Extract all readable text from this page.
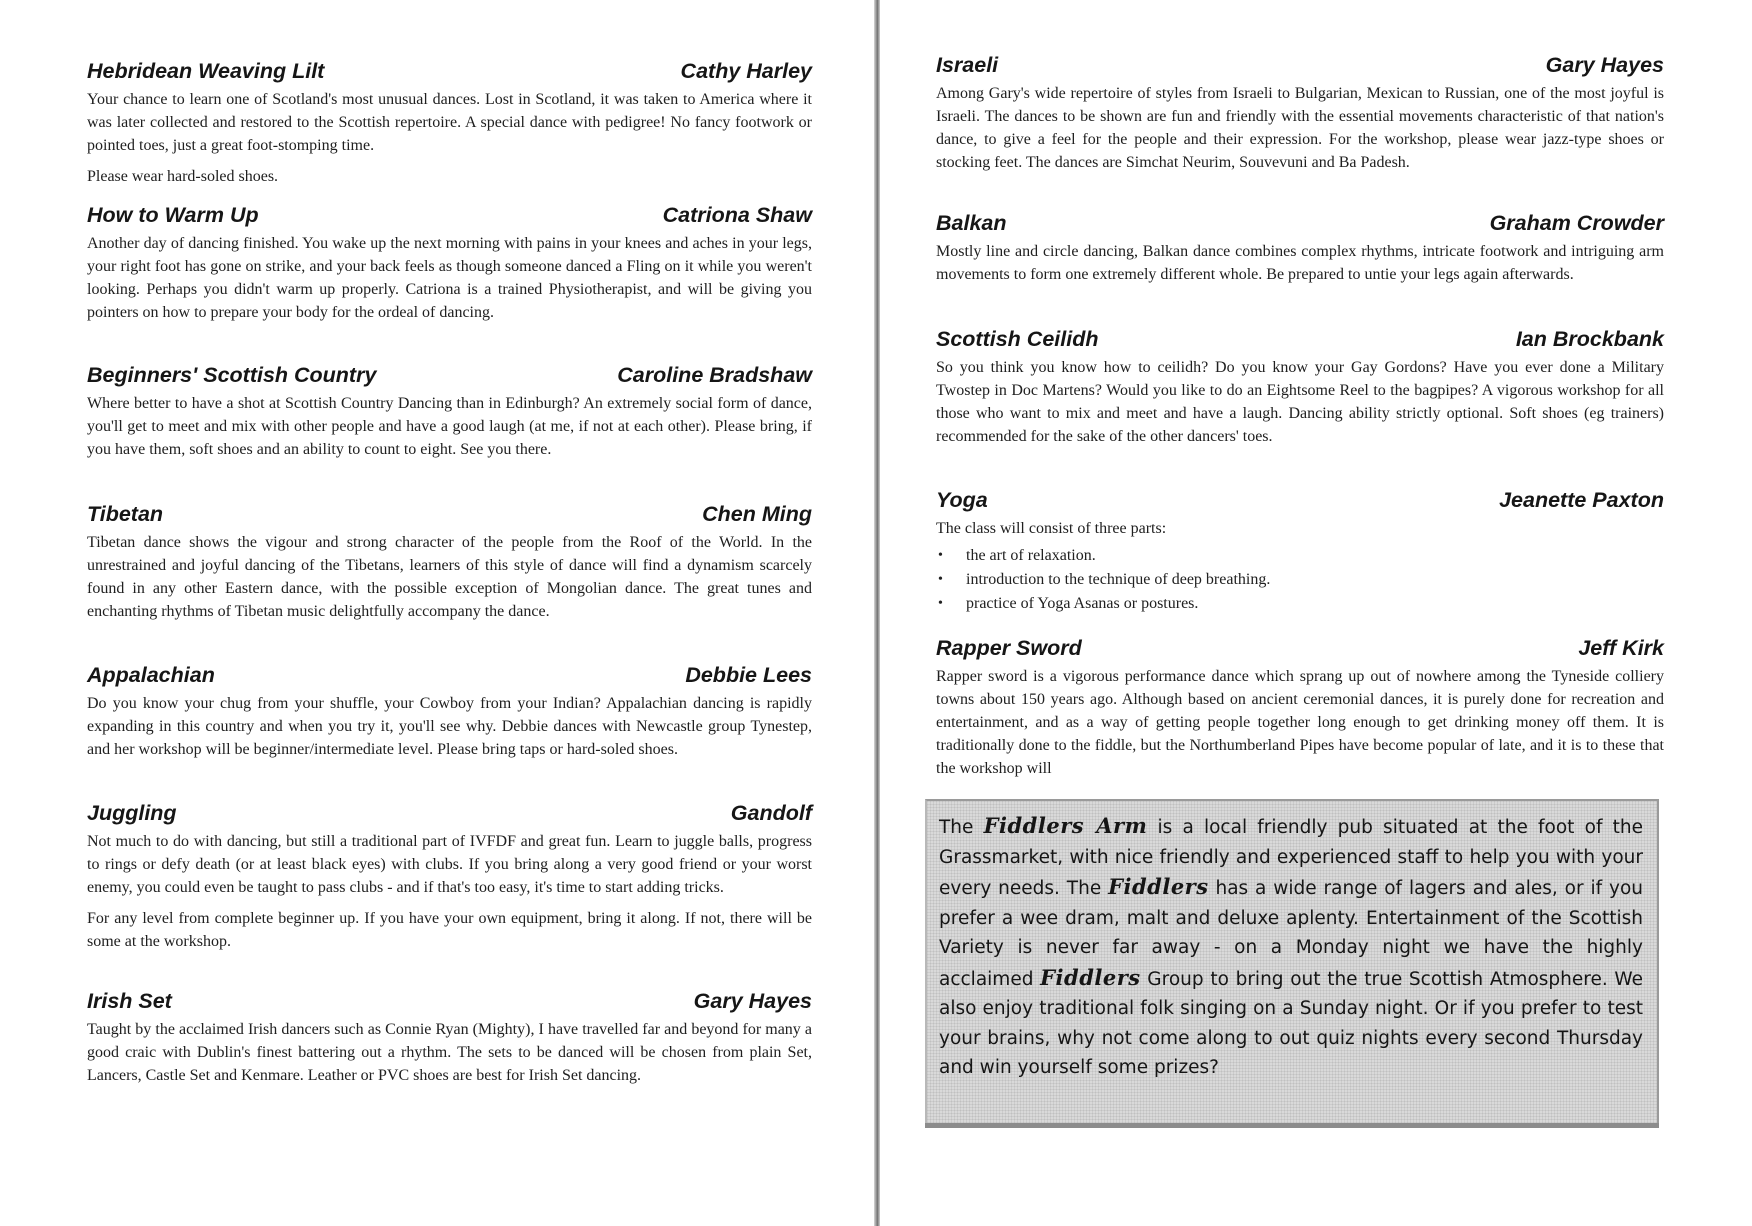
Hebridean Weaving Lilt	Cathy Harley

Your chance to learn one of Scotland's most unusual dances. Lost in Scotland, it was taken to America where it was later collected and restored to the Scottish repertoire. A special dance with pedigree! No fancy footwork or pointed toes, just a great foot-stomping time.

Please wear hard-soled shoes.

How to Warm Up	Catriona Shaw

Another day of dancing finished. You wake up the next morning with pains in your knees and aches in your legs, your right foot has gone on strike, and your back feels as though someone danced a Fling on it while you weren't looking. Perhaps you didn't warm up properly. Catriona is a trained Physiotherapist, and will be giving you pointers on how to prepare your body for the ordeal of dancing.

Beginners' Scottish Country	Caroline Bradshaw

Where better to have a shot at Scottish Country Dancing than in Edinburgh? An extremely social form of dance, you'll get to meet and mix with other people and have a good laugh (at me, if not at each other). Please bring, if you have them, soft shoes and an ability to count to eight. See you there.

Tibetan	Chen Ming

Tibetan dance shows the vigour and strong character of the people from the Roof of the World. In the unrestrained and joyful dancing of the Tibetans, learners of this style of dance will find a dynamism scarcely found in any other Eastern dance, with the possible exception of Mongolian dance. The great tunes and enchanting rhythms of Tibetan music delightfully accompany the dance.

Appalachian	Debbie Lees

Do you know your chug from your shuffle, your Cowboy from your Indian? Appalachian dancing is rapidly expanding in this country and when you try it, you'll see why. Debbie dances with Newcastle group Tynestep, and her workshop will be beginner/intermediate level. Please bring taps or hard-soled shoes.

Juggling	Gandolf

Not much to do with dancing, but still a traditional part of IVFDF and great fun. Learn to juggle balls, progress to rings or defy death (or at least black eyes) with clubs. If you bring along a very good friend or your worst enemy, you could even be taught to pass clubs - and if that's too easy, it's time to start adding tricks.

For any level from complete beginner up. If you have your own equipment, bring it along. If not, there will be some at the workshop.

Irish Set	Gary Hayes

Taught by the acclaimed Irish dancers such as Connie Ryan (Mighty), I have travelled far and beyond for many a good craic with Dublin's finest battering out a rhythm. The sets to be danced will be chosen from plain Set, Lancers, Castle Set and Kenmare. Leather or PVC shoes are best for Irish Set dancing.

Israeli	Gary Hayes

Among Gary's wide repertoire of styles from Israeli to Bulgarian, Mexican to Russian, one of the most joyful is Israeli. The dances to be shown are fun and friendly with the essential movements characteristic of that nation's dance, to give a feel for the people and their expression. For the workshop, please wear jazz-type shoes or stocking feet. The dances are Simchat Neurim, Souvevuni and Ba Padesh.

Balkan	Graham Crowder

Mostly line and circle dancing, Balkan dance combines complex rhythms, intricate footwork and intriguing arm movements to form one extremely different whole. Be prepared to untie your legs again afterwards.

Scottish Ceilidh	Ian Brockbank

So you think you know how to ceilidh? Do you know your Gay Gordons? Have you ever done a Military Twostep in Doc Martens? Would you like to do an Eightsome Reel to the bagpipes? A vigorous workshop for all those who want to mix and meet and have a laugh. Dancing ability strictly optional. Soft shoes (eg trainers) recommended for the sake of the other dancers' toes.

Yoga	Jeanette Paxton

The class will consist of three parts:

• the art of relaxation.
• introduction to the technique of deep breathing.
• practice of Yoga Asanas or postures.
Rapper Sword	Jeff Kirk

Rapper sword is a vigorous performance dance which sprang up out of nowhere among the Tyneside colliery towns about 150 years ago. Although based on ancient ceremonial dances, it is purely done for recreation and entertainment, and as a way of getting people together long enough to get drinking money off them. It is traditionally done to the fiddle, but the Northumberland Pipes have become popular of late, and it is to these that the workshop will

The Fiddlers Arm is a local friendly pub situated at the foot of the Grassmarket, with nice friendly and experienced staff to help you with your every needs. The Fiddlers has a wide range of lagers and ales, or if you prefer a wee dram, malt and deluxe aplenty. Entertainment of the Scottish Variety is never far away - on a Monday night we have the highly acclaimed Fiddlers Group to bring out the true Scottish Atmosphere. We also enjoy traditional folk singing on a Sunday night. Or if you prefer to test your brains, why not come along to out quiz nights every second Thursday and win yourself some prizes?
